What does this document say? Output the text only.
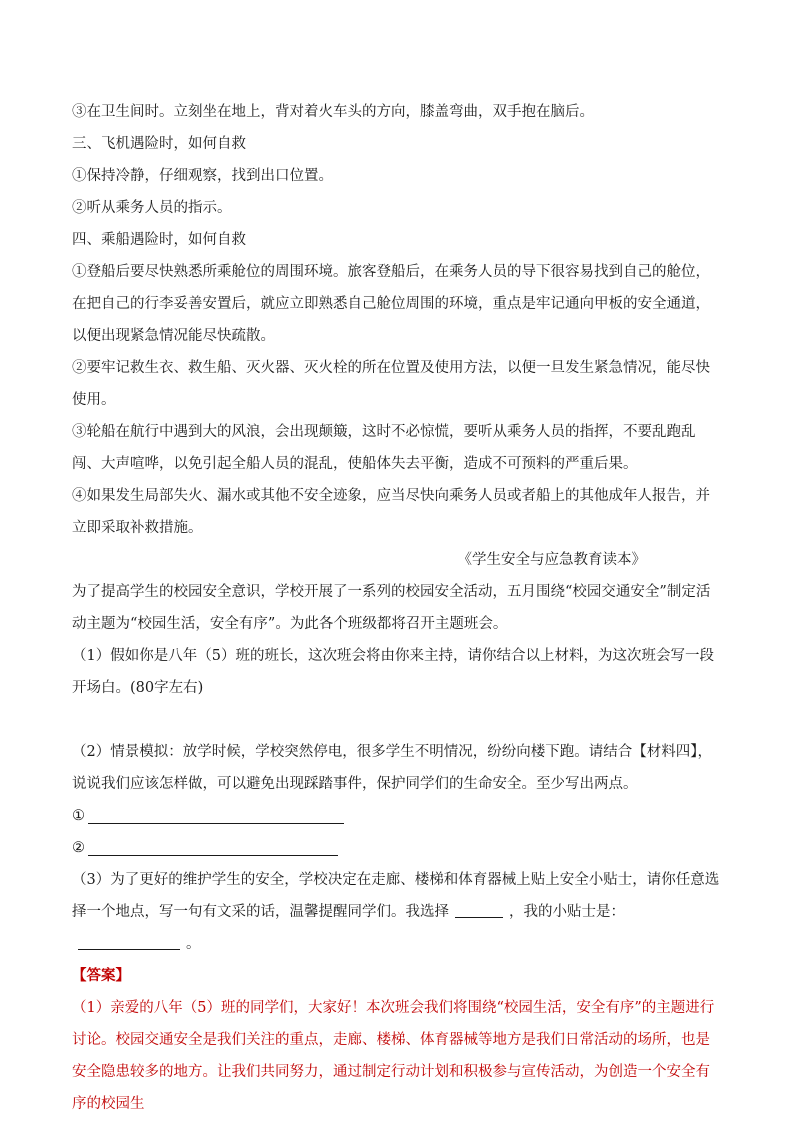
③在卫生间时。立刻坐在地上，背对着火车头的方向，膝盖弯曲，双手抱在脑后。

三、飞机遇险时，如何自救

①保持冷静，仔细观察，找到出口位置。

②听从乘务人员的指示。

四、乘船遇险时，如何自救

①登船后要尽快熟悉所乘舱位的周围环境。旅客登船后，在乘务人员的导下很容易找到自己的舱位，在把自己的行李妥善安置后，就应立即熟悉自己舱位周围的环境，重点是牢记通向甲板的安全通道，以便出现紧急情况能尽快疏散。

②要牢记救生衣、救生船、灭火器、灭火栓的所在位置及使用方法，以便一旦发生紧急情况，能尽快使用。

③轮船在航行中遇到大的风浪，会出现颠簸，这时不必惊慌，要听从乘务人员的指挥，不要乱跑乱闯、大声喧哗，以免引起全船人员的混乱，使船体失去平衡，造成不可预料的严重后果。

④如果发生局部失火、漏水或其他不安全迹象，应当尽快向乘务人员或者船上的其他成年人报告，并立即采取补救措施。

《学生安全与应急教育读本》

为了提高学生的校园安全意识，学校开展了一系列的校园安全活动，五月围绕“校园交通安全”制定活动主题为“校园生活，安全有序”。为此各个班级都将召开主题班会。

（1）假如你是八年（5）班的班长，这次班会将由你来主持，请你结合以上材料，为这次班会写一段开场白。(80字左右)

（2）情景模拟：放学时候，学校突然停电，很多学生不明情况，纷纷向楼下跑。请结合【材料四】，说说我们应该怎样做，可以避免出现踩踏事件，保护同学们的生命安全。至少写出两点。

①
②

（3）为了更好的维护学生的安全，学校决定在走廊、楼梯和体育器械上贴上安全小贴士，请你任意选择一个地点，写一句有文采的话，温馨提醒同学们。我选择	，我的小贴士是：。

【答案】

（1）亲爱的八年（5）班的同学们，大家好！本次班会我们将围绕“校园生活，安全有序”的主题进行讨论。校园交通安全是我们关注的重点，走廊、楼梯、体育器械等地方是我们日常活动的场所，也是安全隐患较多的地方。让我们共同努力，通过制定行动计划和积极参与宣传活动，为创造一个安全有序的校园生
